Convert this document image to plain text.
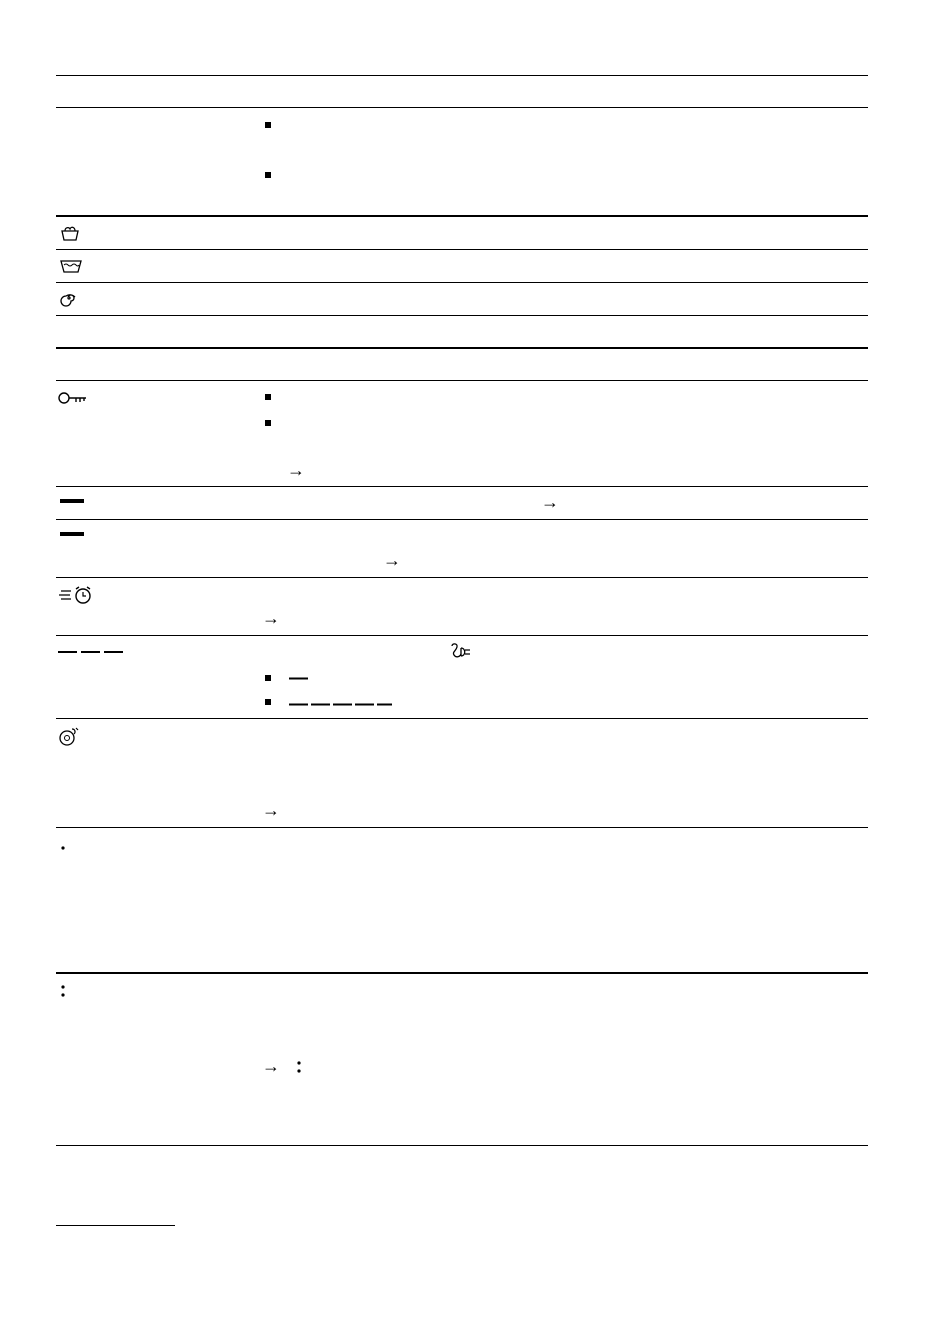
→
→
→
→
→
→
